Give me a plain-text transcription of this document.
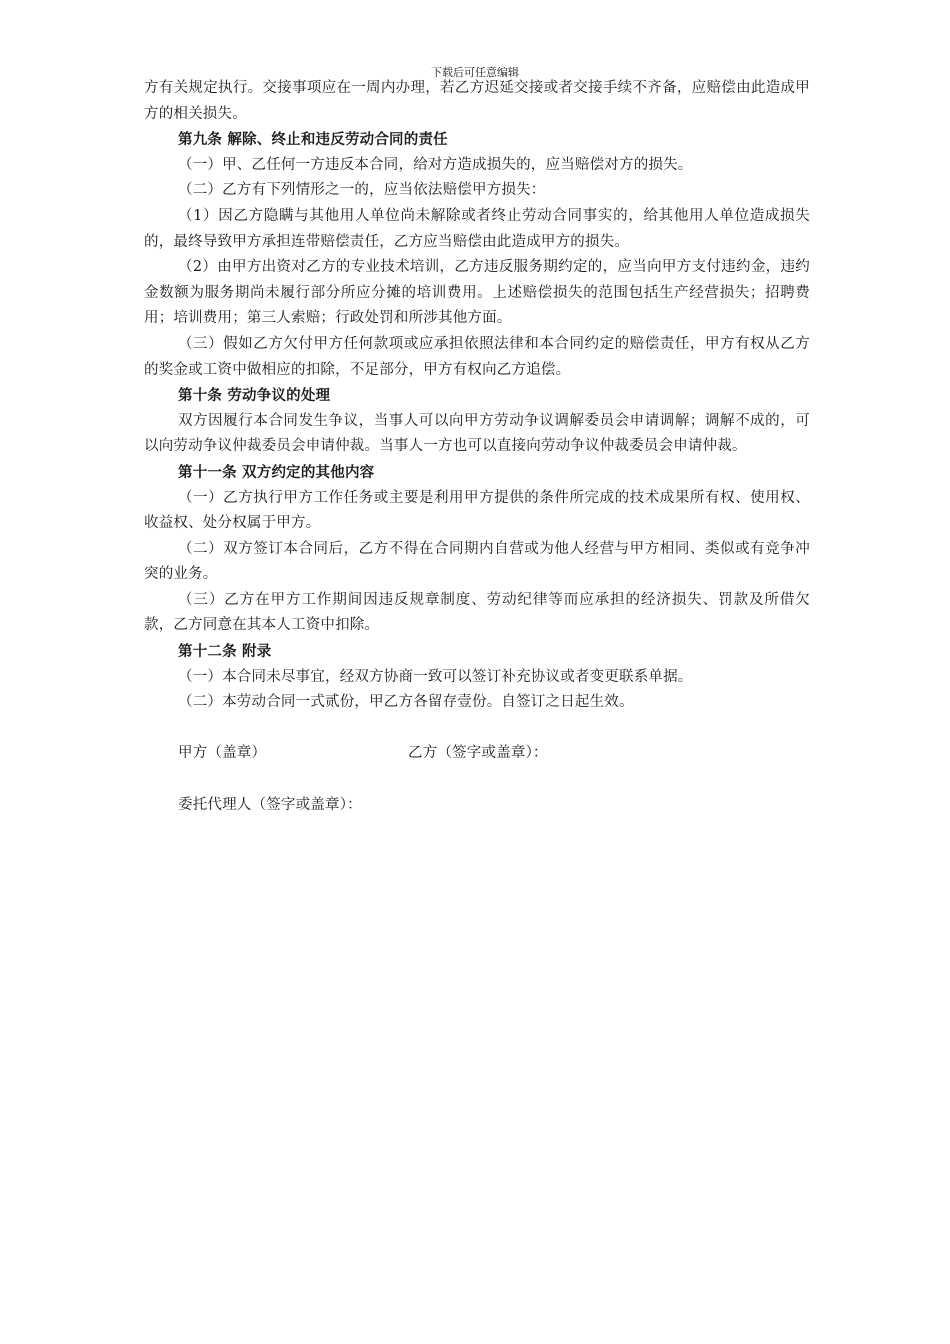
下载后可任意编辑

方有关规定执行。交接事项应在一周内办理，若乙方迟延交接或者交接手续不齐备，应赔偿由此造成甲方的相关损失。

第九条 解除、终止和违反劳动合同的责任

（一）甲、乙任何一方违反本合同，给对方造成损失的，应当赔偿对方的损失。

（二）乙方有下列情形之一的，应当依法赔偿甲方损失：

（1）因乙方隐瞒与其他用人单位尚未解除或者终止劳动合同事实的，给其他用人单位造成损失的，最终导致甲方承担连带赔偿责任，乙方应当赔偿由此造成甲方的损失。

（2）由甲方出资对乙方的专业技术培训，乙方违反服务期约定的，应当向甲方支付违约金，违约金数额为服务期尚未履行部分所应分摊的培训费用。上述赔偿损失的范围包括生产经营损失；招聘费用；培训费用；第三人索赔；行政处罚和所涉其他方面。

（三）假如乙方欠付甲方任何款项或应承担依照法律和本合同约定的赔偿责任，甲方有权从乙方的奖金或工资中做相应的扣除，不足部分，甲方有权向乙方追偿。

第十条 劳动争议的处理

双方因履行本合同发生争议，当事人可以向甲方劳动争议调解委员会申请调解；调解不成的，可以向劳动争议仲裁委员会申请仲裁。当事人一方也可以直接向劳动争议仲裁委员会申请仲裁。

第十一条 双方约定的其他内容

（一）乙方执行甲方工作任务或主要是利用甲方提供的条件所完成的技术成果所有权、使用权、收益权、处分权属于甲方。

（二）双方签订本合同后，乙方不得在合同期内自营或为他人经营与甲方相同、类似或有竞争冲突的业务。

（三）乙方在甲方工作期间因违反规章制度、劳动纪律等而应承担的经济损失、罚款及所借欠款，乙方同意在其本人工资中扣除。

第十二条 附录

（一）本合同未尽事宜，经双方协商一致可以签订补充协议或者变更联系单据。

（二）本劳动合同一式贰份，甲乙方各留存壹份。自签订之日起生效。

甲方（盖章）	乙方（签字或盖章）：

委托代理人（签字或盖章）：
